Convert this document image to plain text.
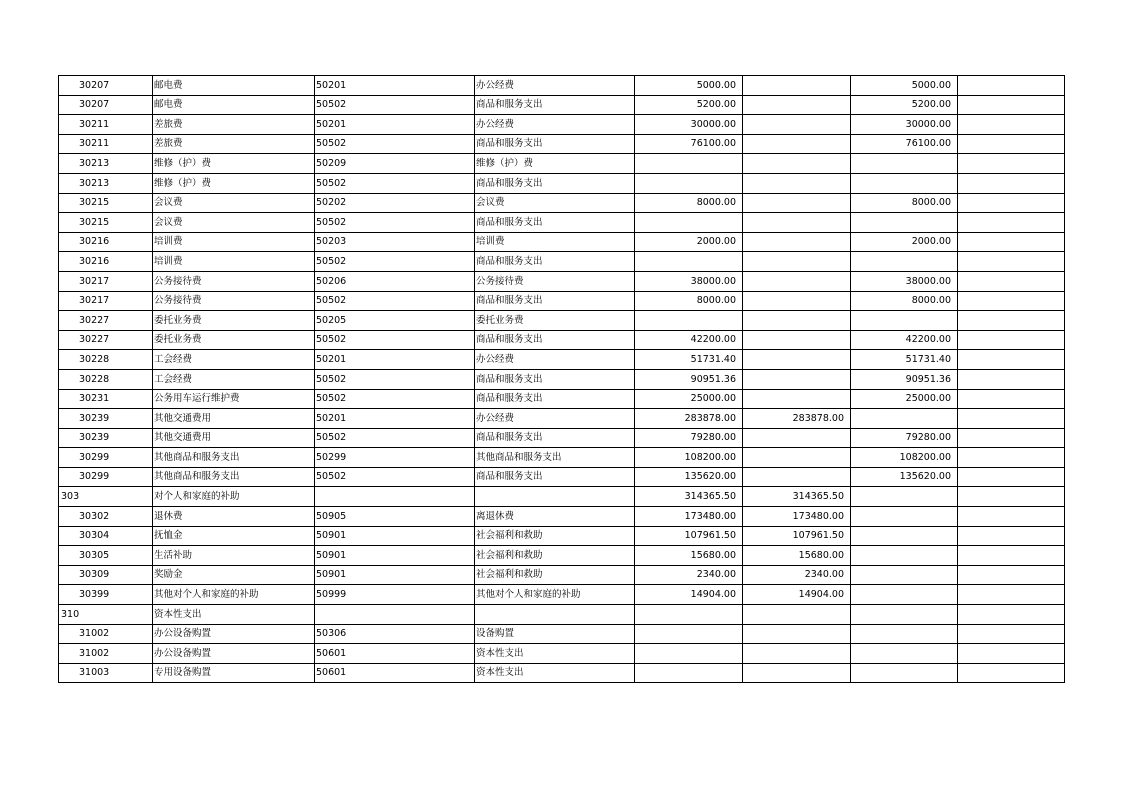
30207	邮电费	50201	办公经费	5000.00		5000.00	
30207	邮电费	50502	商品和服务支出	5200.00		5200.00	
30211	差旅费	50201	办公经费	30000.00		30000.00	
30211	差旅费	50502	商品和服务支出	76100.00		76100.00	
30213	维修（护）费	50209	维修（护）费				
30213	维修（护）费	50502	商品和服务支出				
30215	会议费	50202	会议费	8000.00		8000.00	
30215	会议费	50502	商品和服务支出				
30216	培训费	50203	培训费	2000.00		2000.00	
30216	培训费	50502	商品和服务支出				
30217	公务接待费	50206	公务接待费	38000.00		38000.00	
30217	公务接待费	50502	商品和服务支出	8000.00		8000.00	
30227	委托业务费	50205	委托业务费				
30227	委托业务费	50502	商品和服务支出	42200.00		42200.00	
30228	工会经费	50201	办公经费	51731.40		51731.40	
30228	工会经费	50502	商品和服务支出	90951.36		90951.36	
30231	公务用车运行维护费	50502	商品和服务支出	25000.00		25000.00	
30239	其他交通费用	50201	办公经费	283878.00	283878.00		
30239	其他交通费用	50502	商品和服务支出	79280.00		79280.00	
30299	其他商品和服务支出	50299	其他商品和服务支出	108200.00		108200.00	
30299	其他商品和服务支出	50502	商品和服务支出	135620.00		135620.00	
303	对个人和家庭的补助			314365.50	314365.50		
30302	退休费	50905	离退休费	173480.00	173480.00		
30304	抚恤金	50901	社会福利和救助	107961.50	107961.50		
30305	生活补助	50901	社会福利和救助	15680.00	15680.00		
30309	奖励金	50901	社会福利和救助	2340.00	2340.00		
30399	其他对个人和家庭的补助	50999	其他对个人和家庭的补助	14904.00	14904.00		
310	资本性支出						
31002	办公设备购置	50306	设备购置				
31002	办公设备购置	50601	资本性支出				
31003	专用设备购置	50601	资本性支出				
